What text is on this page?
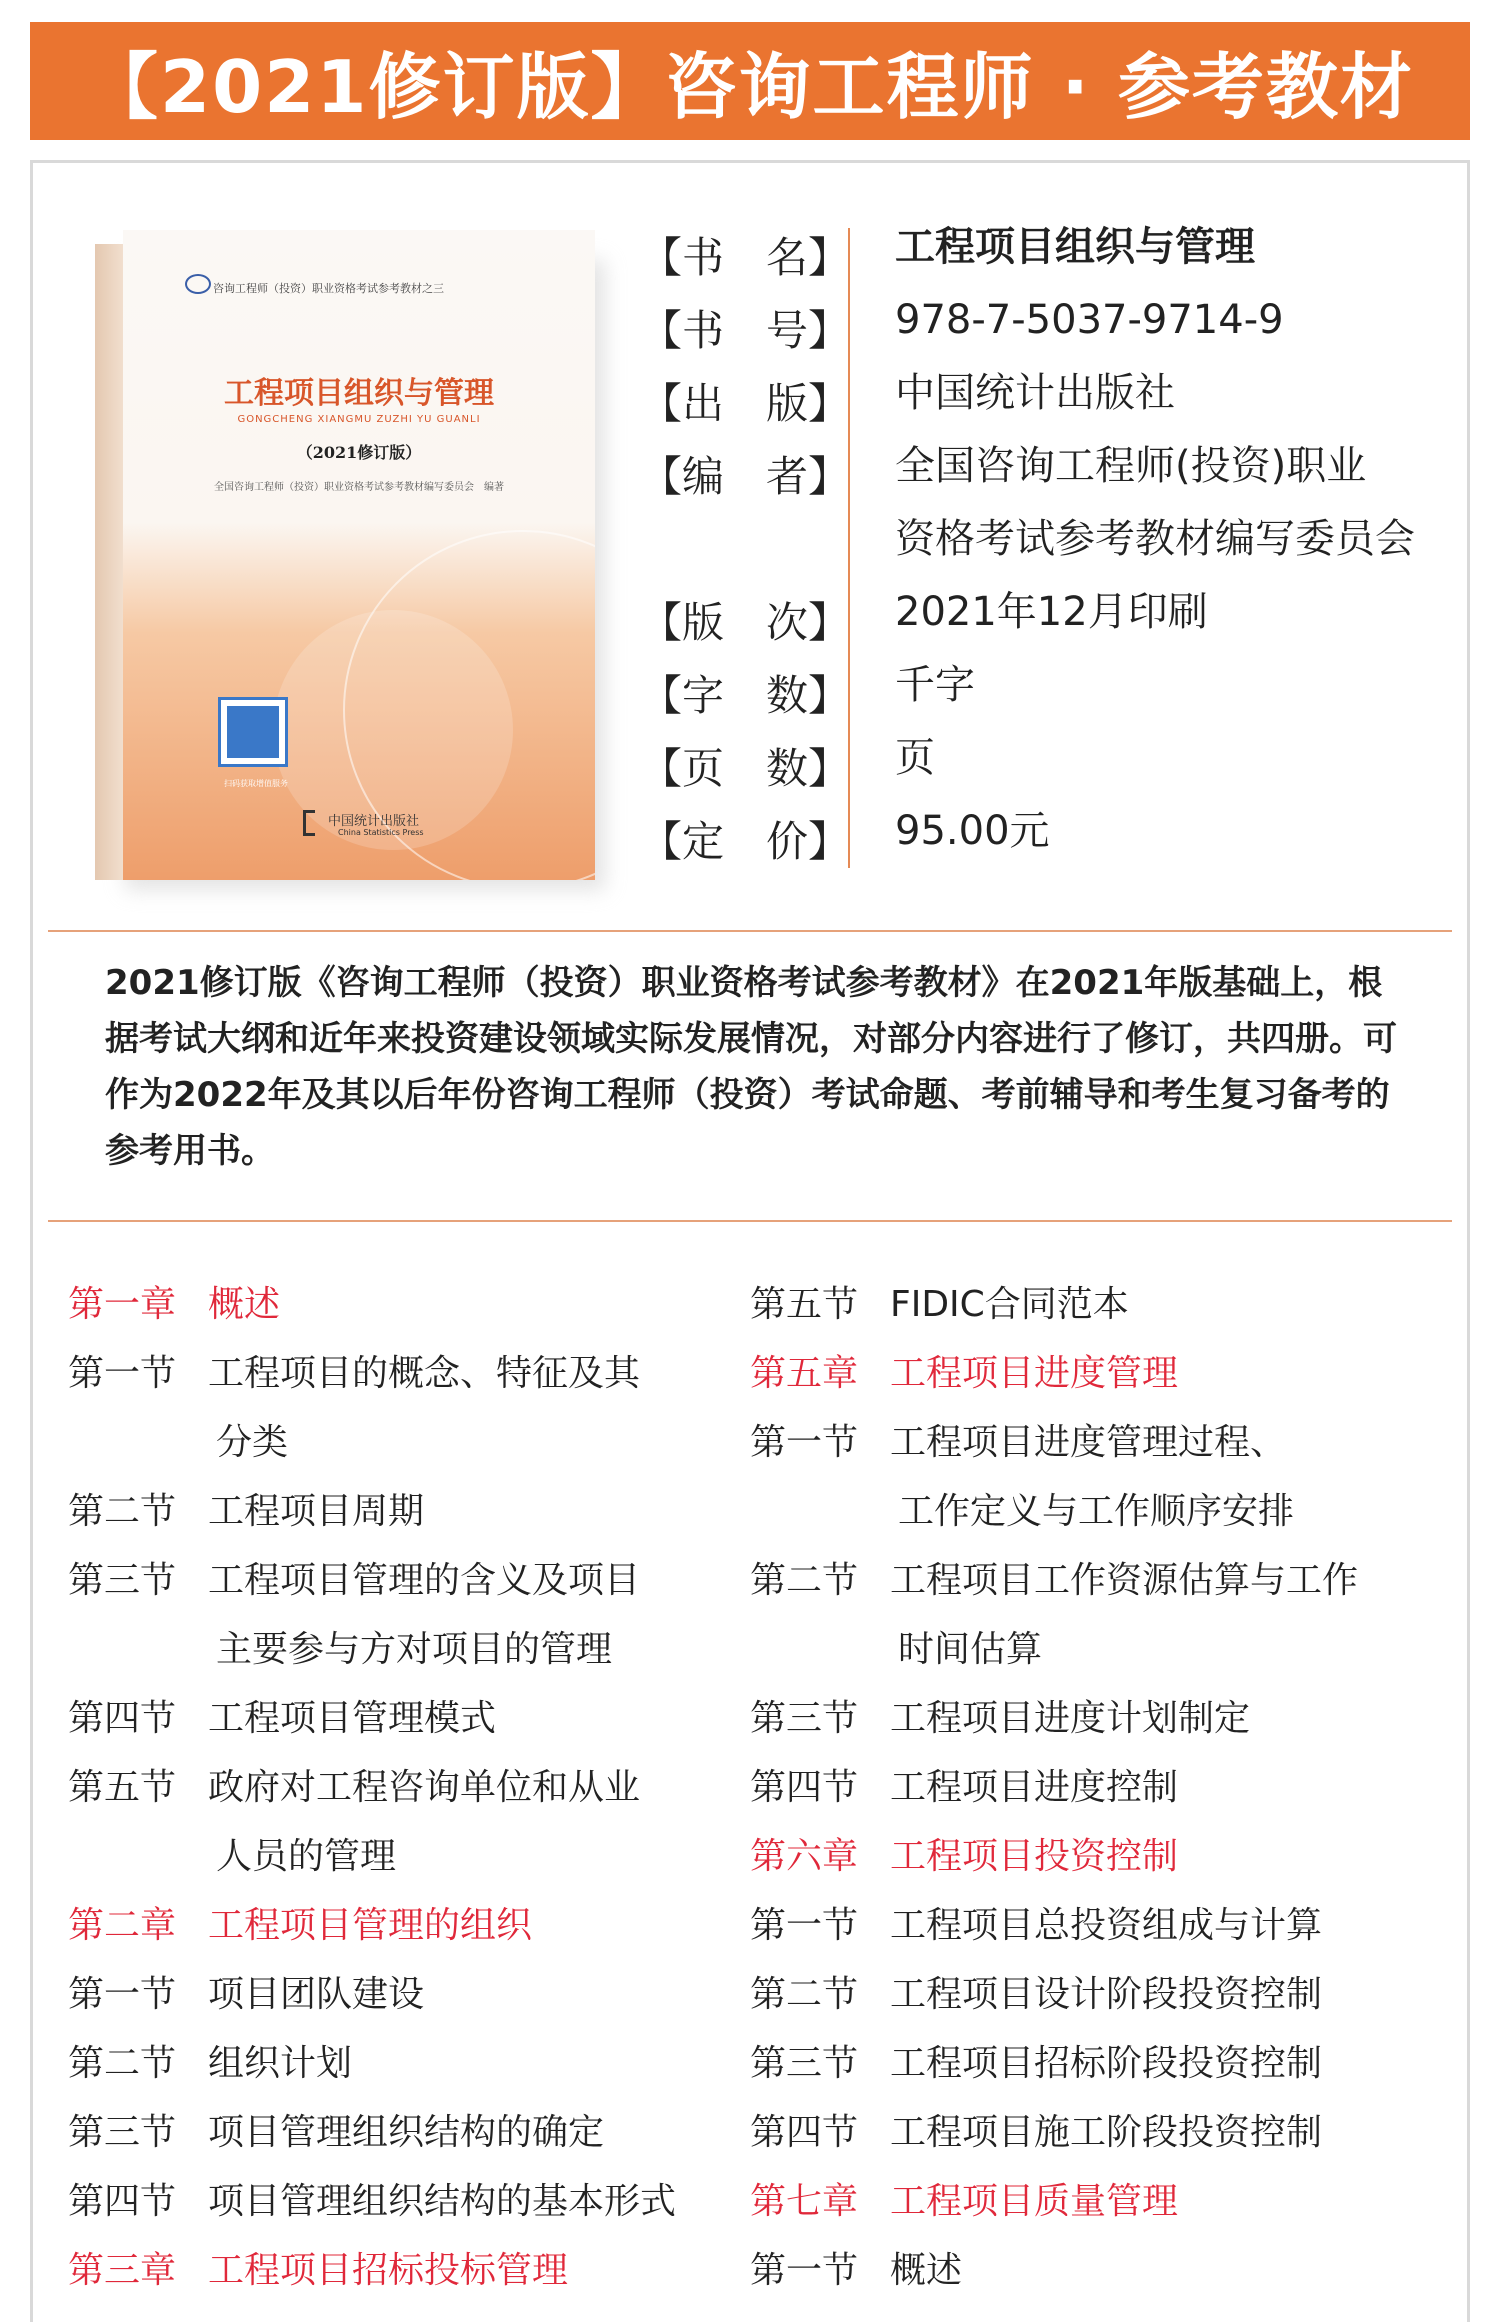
【2021修订版】咨询工程师 · 参考教材
咨询工程师（投资）职业资格考试参考教材之三
工程项目组织与管理
GONGCHENG XIANGMU ZUZHI YU GUANLI
（2021修订版）
全国咨询工程师（投资）职业资格考试参考教材编写委员会　编著
扫码获取增值服务
中国统计出版社
China Statistics Press
【书　名】 工程项目组织与管理
【书　号】 978-7-5037-9714-9
【出　版】 中国统计出版社
【编　者】 全国咨询工程师(投资)职业
资格考试参考教材编写委员会
【版　次】 2021年12月印刷
【字　数】 千字
【页　数】 页
【定　价】 95.00元
2021修订版《咨询工程师（投资）职业资格考试参考教材》在2021年版基础上，根据考试大纲和近年来投资建设领域实际发展情况，对部分内容进行了修订，共四册。可作为2022年及其以后年份咨询工程师（投资）考试命题、考前辅导和考生复习备考的参考用书。
第一章 概述
第一节 工程项目的概念、特征及其
分类
第二节 工程项目周期
第三节 工程项目管理的含义及项目
主要参与方对项目的管理
第四节 工程项目管理模式
第五节 政府对工程咨询单位和从业
人员的管理
第二章 工程项目管理的组织
第一节 项目团队建设
第二节 组织计划
第三节 项目管理组织结构的确定
第四节 项目管理组织结构的基本形式
第三章 工程项目招标投标管理
第五节 FIDIC合同范本
第五章 工程项目进度管理
第一节 工程项目进度管理过程、
工作定义与工作顺序安排
第二节 工程项目工作资源估算与工作
时间估算
第三节 工程项目进度计划制定
第四节 工程项目进度控制
第六章 工程项目投资控制
第一节 工程项目总投资组成与计算
第二节 工程项目设计阶段投资控制
第三节 工程项目招标阶段投资控制
第四节 工程项目施工阶段投资控制
第七章 工程项目质量管理
第一节 概述
